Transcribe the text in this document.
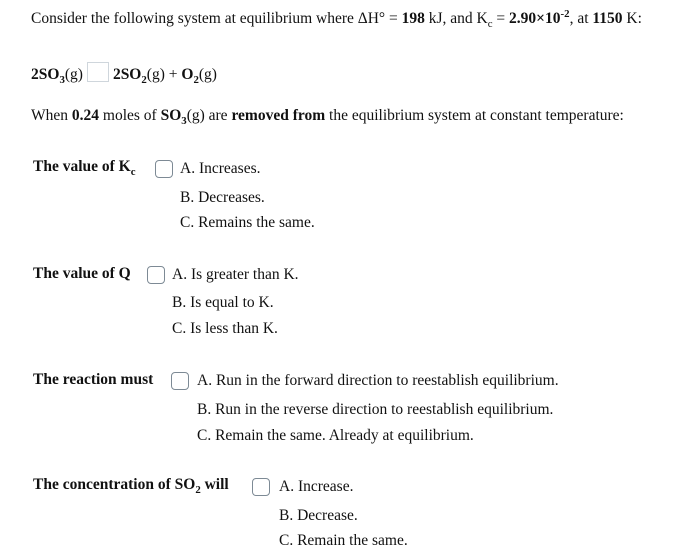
Consider the following system at equilibrium where ΔH° = 198 kJ, and $K_c = 2.90\times 10^{-2}$, at 1150 K:
$2SO_3(g) 2SO_2(g) + O_2(g)$
When 0.24 moles of $SO_3(g)$ are removed from the equilibrium system at constant temperature:
The value of $K_c$	A. Increases.
B. Decreases.
C. Remains the same.
The value of Q	A. Is greater than K.
B. Is equal to K.
C. Is less than K.
The reaction must	A. Run in the forward direction to reestablish equilibrium.
B. Run in the reverse direction to reestablish equilibrium.
C. Remain the same. Already at equilibrium.
The concentration of $SO_2$ will	A. Increase.
B. Decrease.
C. Remain the same.
